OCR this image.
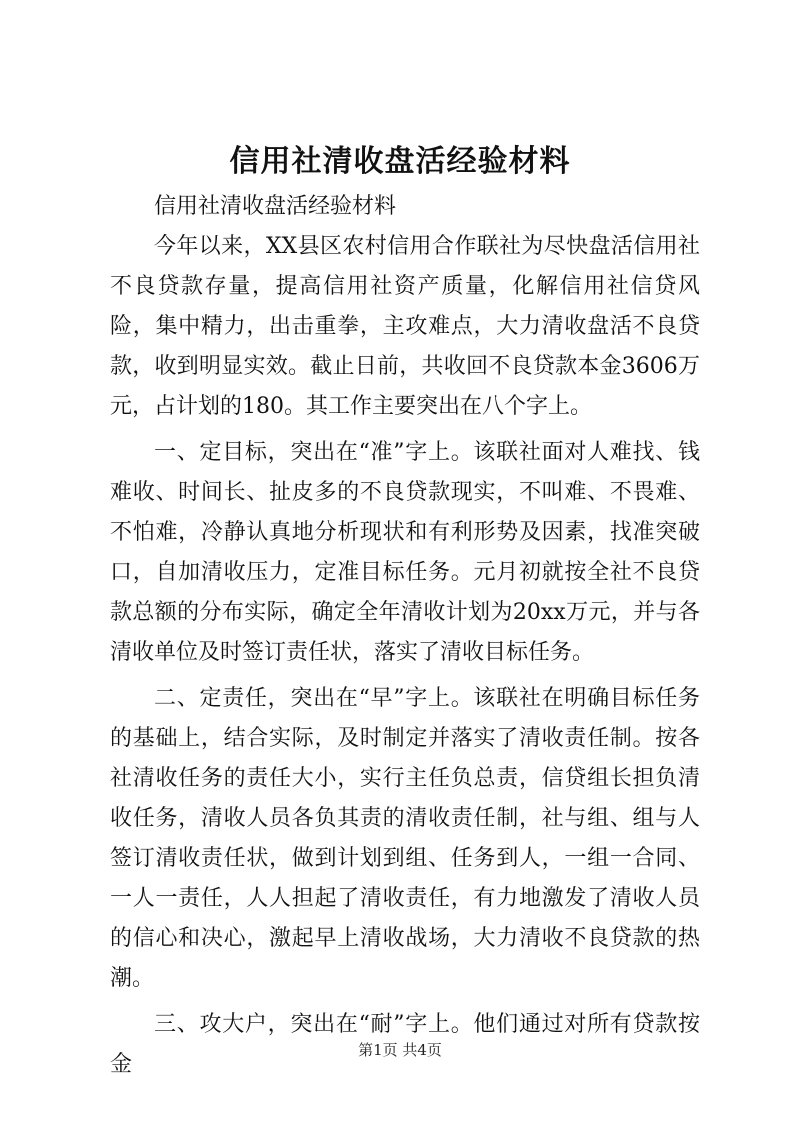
信用社清收盘活经验材料

信用社清收盘活经验材料

今年以来，XX县区农村信用合作联社为尽快盘活信用社不良贷款存量，提高信用社资产质量，化解信用社信贷风险，集中精力，出击重拳，主攻难点，大力清收盘活不良贷款，收到明显实效。截止日前，共收回不良贷款本金3606万元，占计划的180。其工作主要突出在八个字上。

一、定目标，突出在“准”字上。该联社面对人难找、钱难收、时间长、扯皮多的不良贷款现实，不叫难、不畏难、不怕难，冷静认真地分析现状和有利形势及因素，找准突破口，自加清收压力，定准目标任务。元月初就按全社不良贷款总额的分布实际，确定全年清收计划为20xx万元，并与各清收单位及时签订责任状，落实了清收目标任务。

二、定责任，突出在“早”字上。该联社在明确目标任务的基础上，结合实际，及时制定并落实了清收责任制。按各社清收任务的责任大小，实行主任负总责，信贷组长担负清收任务，清收人员各负其责的清收责任制，社与组、组与人签订清收责任状，做到计划到组、任务到人，一组一合同、一人一责任，人人担起了清收责任，有力地激发了清收人员的信心和决心，激起早上清收战场，大力清收不良贷款的热潮。

三、攻大户，突出在“耐”字上。他们通过对所有贷款按金

第1页 共4页
